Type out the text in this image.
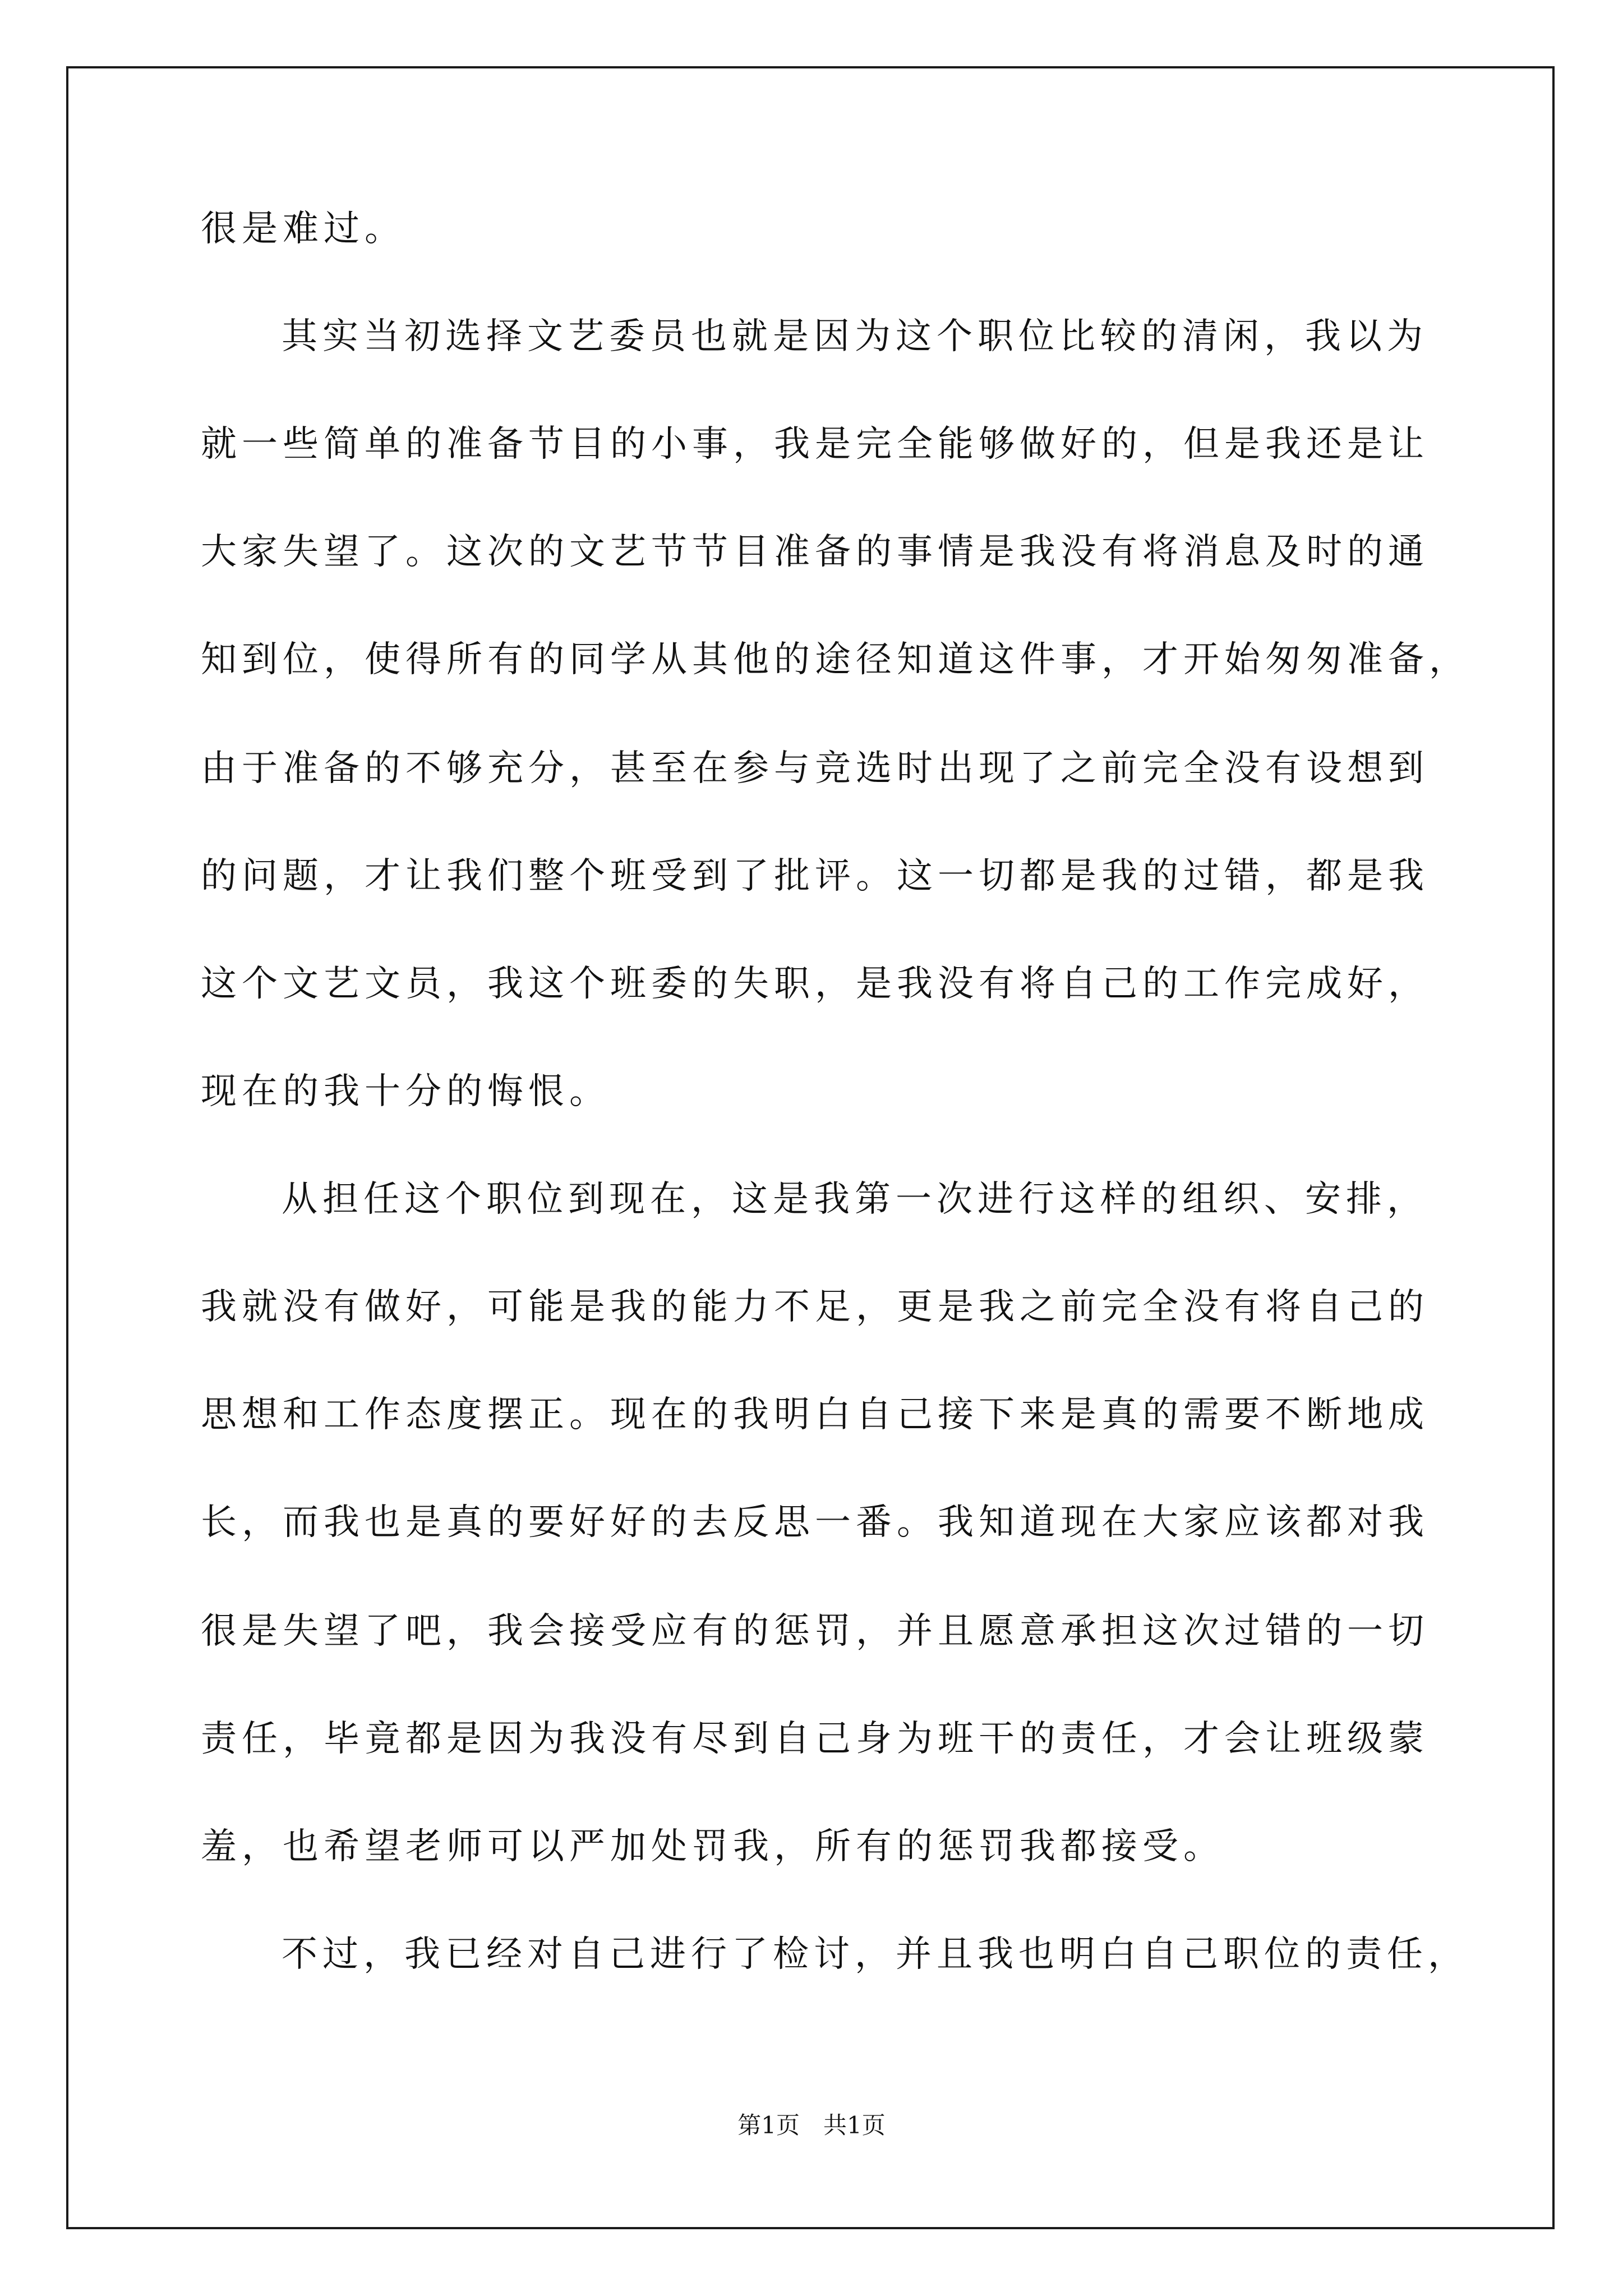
很是难过。
其实当初选择文艺委员也就是因为这个职位比较的清闲，我以为
就一些简单的准备节目的小事，我是完全能够做好的，但是我还是让
大家失望了。这次的文艺节节目准备的事情是我没有将消息及时的通
知到位，使得所有的同学从其他的途径知道这件事，才开始匆匆准备，
由于准备的不够充分，甚至在参与竞选时出现了之前完全没有设想到
的问题，才让我们整个班受到了批评。这一切都是我的过错，都是我
这个文艺文员，我这个班委的失职，是我没有将自己的工作完成好，
现在的我十分的悔恨。
从担任这个职位到现在，这是我第一次进行这样的组织、安排，
我就没有做好，可能是我的能力不足，更是我之前完全没有将自己的
思想和工作态度摆正。现在的我明白自己接下来是真的需要不断地成
长，而我也是真的要好好的去反思一番。我知道现在大家应该都对我
很是失望了吧，我会接受应有的惩罚，并且愿意承担这次过错的一切
责任，毕竟都是因为我没有尽到自己身为班干的责任，才会让班级蒙
羞，也希望老师可以严加处罚我，所有的惩罚我都接受。
不过，我已经对自己进行了检讨，并且我也明白自己职位的责任，
第1页　共1页
